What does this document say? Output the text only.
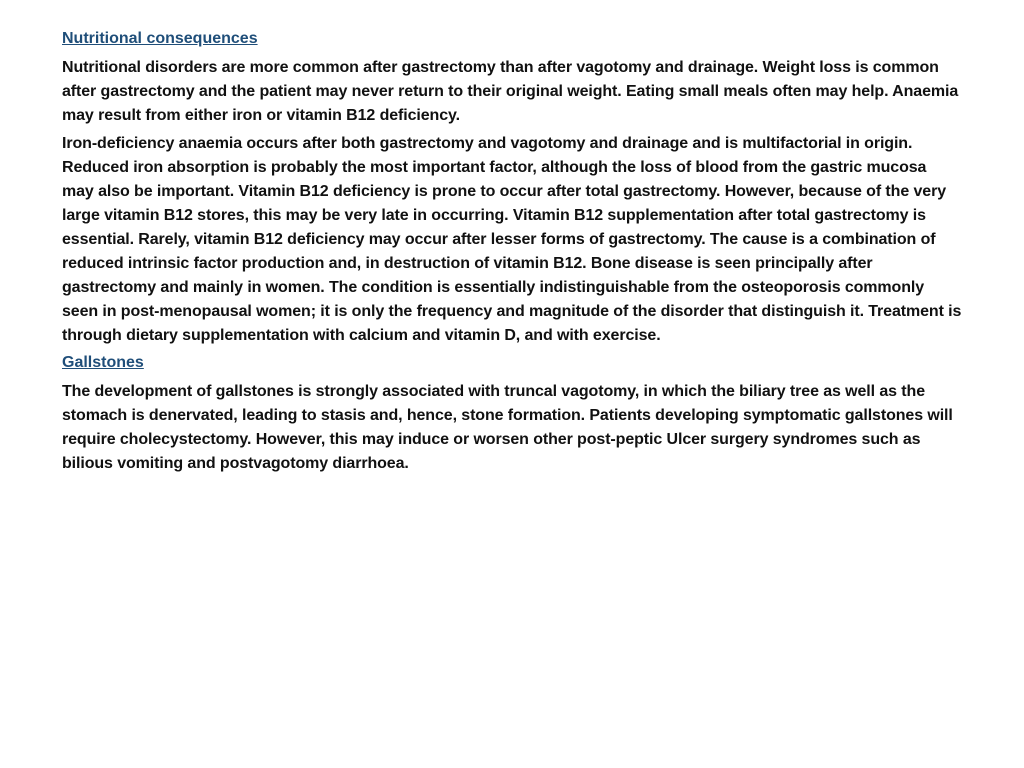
Nutritional consequences

Nutritional disorders are more common after gastrectomy than after vagotomy and drainage. Weight loss is common after gastrectomy and the patient may never return to their original weight. Eating small meals often may help. Anaemia may result from either iron or vitamin B12 deficiency.

Iron-deficiency anaemia occurs after both gastrectomy and vagotomy and drainage and is multifactorial in origin. Reduced iron absorption is probably the most important factor, although the loss of blood from the gastric mucosa may also be important. Vitamin B12 deficiency is prone to occur after total gastrectomy. However, because of the very large vitamin B12 stores, this may be very late in occurring. Vitamin B12 supplementation after total gastrectomy is essential. Rarely, vitamin B12 deficiency may occur after lesser forms of gastrectomy. The cause is a combination of reduced intrinsic factor production and, in destruction of vitamin B12. Bone disease is seen principally after gastrectomy and mainly in women. The condition is essentially indistinguishable from the osteoporosis commonly seen in post-menopausal women; it is only the frequency and magnitude of the disorder that distinguish it. Treatment is through dietary supplementation with calcium and vitamin D, and with exercise.

Gallstones

The development of gallstones is strongly associated with truncal vagotomy, in which the biliary tree as well as the stomach is denervated, leading to stasis and, hence, stone formation. Patients developing symptomatic gallstones will require cholecystectomy. However, this may induce or worsen other post-peptic Ulcer surgery syndromes such as bilious vomiting and postvagotomy diarrhoea.
